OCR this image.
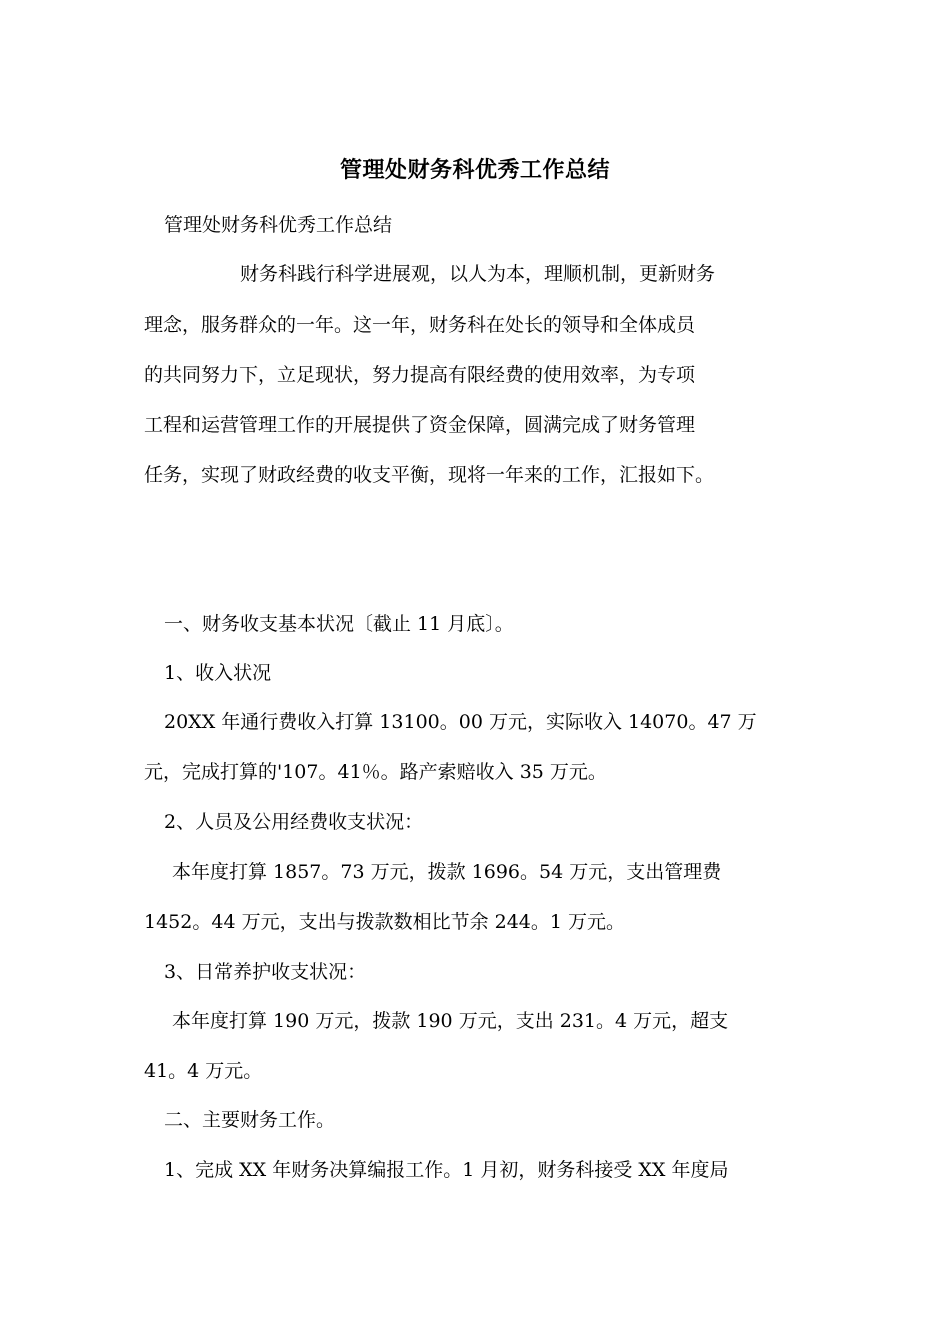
管理处财务科优秀工作总结
管理处财务科优秀工作总结
财务科践行科学进展观，以人为本，理顺机制，更新财务
理念，服务群众的一年。这一年，财务科在处长的领导和全体成员
的共同努力下，立足现状，努力提高有限经费的使用效率，为专项
工程和运营管理工作的开展提供了资金保障，圆满完成了财务管理
任务，实现了财政经费的收支平衡，现将一年来的工作，汇报如下。
一、财务收支基本状况〔截止 11 月底〕。
1、收入状况
20XX 年通行费收入打算 13100。00 万元，实际收入 14070。47 万
元，完成打算的'107。41％。路产索赔收入 35 万元。
2、人员及公用经费收支状况：
本年度打算 1857。73 万元，拨款 1696。54 万元，支出管理费
1452。44 万元，支出与拨款数相比节余 244。1 万元。
3、日常养护收支状况：
本年度打算 190 万元，拨款 190 万元，支出 231。4 万元，超支
41。4 万元。
二、主要财务工作。
1、完成 XX 年财务决算编报工作。1 月初，财务科接受 XX 年度局
